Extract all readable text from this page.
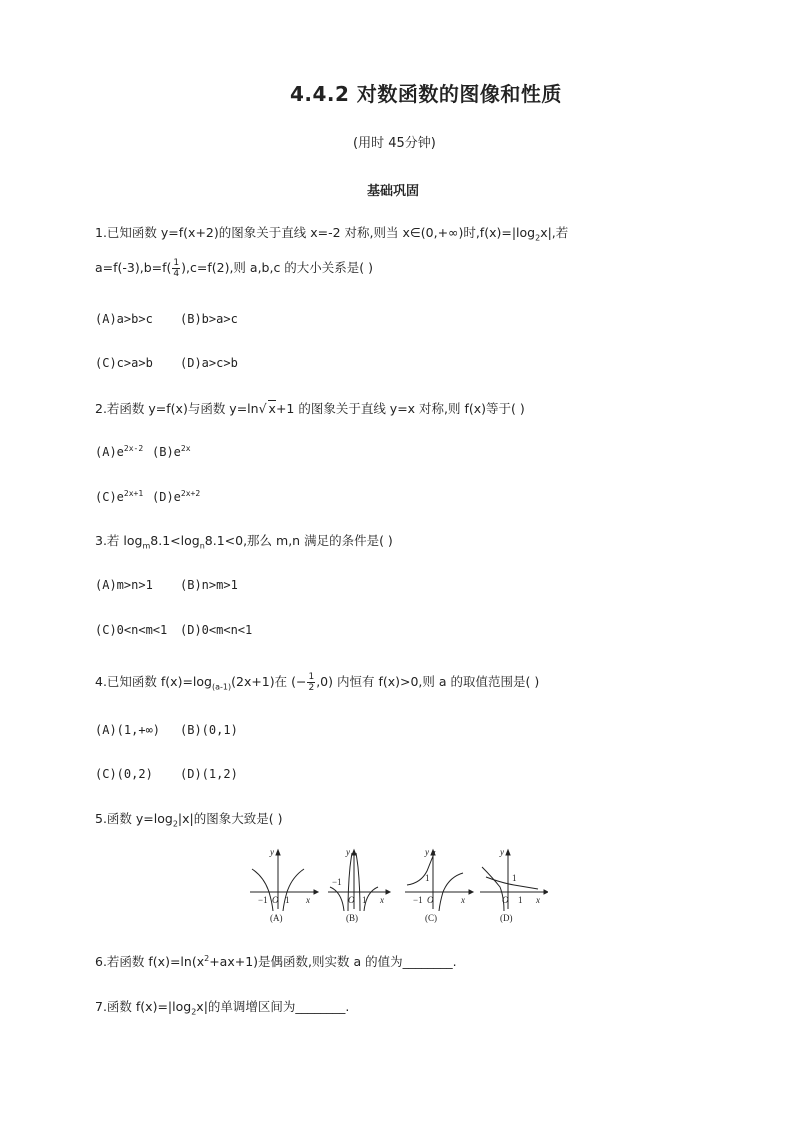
4.4.2 对数函数的图像和性质
(用时 45分钟)
基础巩固
1.已知函数 y=f(x+2)的图象关于直线 x=-2 对称,则当 x∈(0,+∞)时$,f(x)=|\log_2x|$,若
$a=f(-3),b=f( \frac{1}{4} ),c=f(2)$,则 a,b,c 的大小关系是( )
(A)a>b>c (B)b>a>c
(C)c>a>b (D)a>c>b
2.若函数 y=f(x)与函数 y=ln√ x+1 的图象关于直线 y=x 对称,则 f(x)等于( )
$(A)e^{2x-2}$ $(B)e^{2x}$
$(C)e^{2x+1}$ $(D)e^{2x+2}$
3.若 $\log_m8.1<\log_n8.1<0$,那么 m,n 满足的条件是( )
(A)m>n>1 (B)n>m>1
(C)0<n<m<1 (D)0<m<n<1
4.已知函数 $f(x)=\log_{(a-1)}(2x+1)$在 (− $\frac{1}{2} ,0$) 内恒有 f(x)>0,则 a 的取值范围是( )
(A)(1,+∞) (B)(0,1)
(C)(0,2) (D)(1,2)
5.函数 $y=\log_2|x|$的图象大致是( )
y
x
−1 O 1
(A)
y
x
−1
O 1
(B)
y
x
1
−1 O
(C)
y
x
1
O 1
(D)
6.若函数 $f(x)=\ln(x^2+ax+1)$是偶函数,则实数 a 的值为________.
7.函数 $f(x)=|\log_2x|$的单调增区间为________.
